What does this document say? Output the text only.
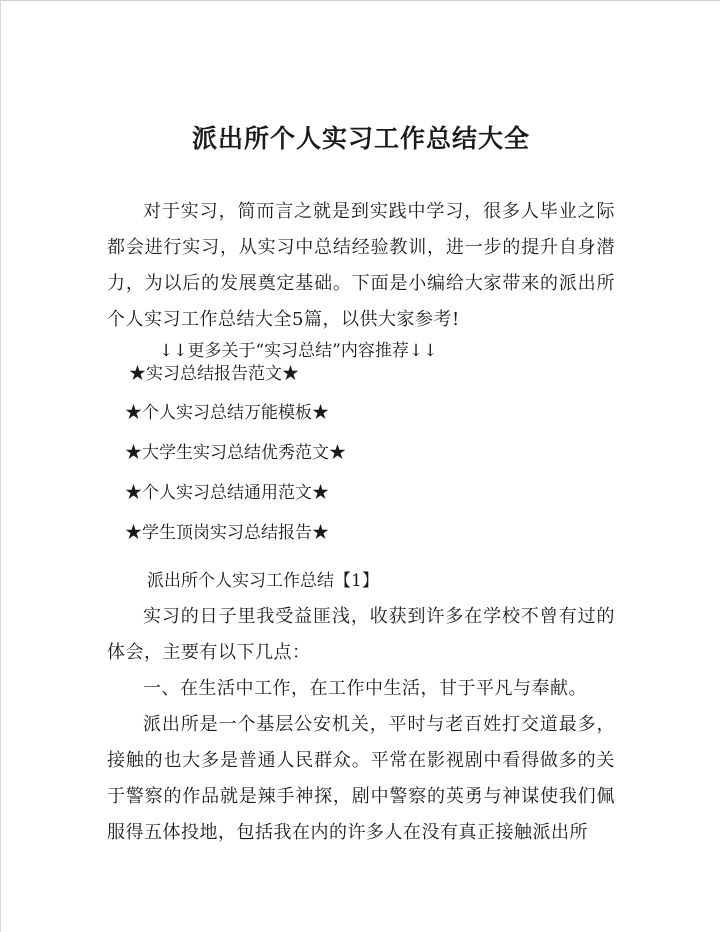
派出所个人实习工作总结大全

对于实习，简而言之就是到实践中学习，很多人毕业之际都会进行实习，从实习中总结经验教训，进一步的提升自身潜力，为以后的发展奠定基础。下面是小编给大家带来的派出所个人实习工作总结大全5篇，以供大家参考!

↓↓更多关于“实习总结”内容推荐↓↓

★实习总结报告范文★
★个人实习总结万能模板★
★大学生实习总结优秀范文★
★个人实习总结通用范文★
★学生顶岗实习总结报告★

派出所个人实习工作总结【1】

实习的日子里我受益匪浅，收获到许多在学校不曾有过的体会，主要有以下几点：

一、在生活中工作，在工作中生活，甘于平凡与奉献。

派出所是一个基层公安机关，平时与老百姓打交道最多，接触的也大多是普通人民群众。平常在影视剧中看得做多的关于警察的作品就是辣手神探，剧中警察的英勇与神谋使我们佩服得五体投地，包括我在内的许多人在没有真正接触派出所
